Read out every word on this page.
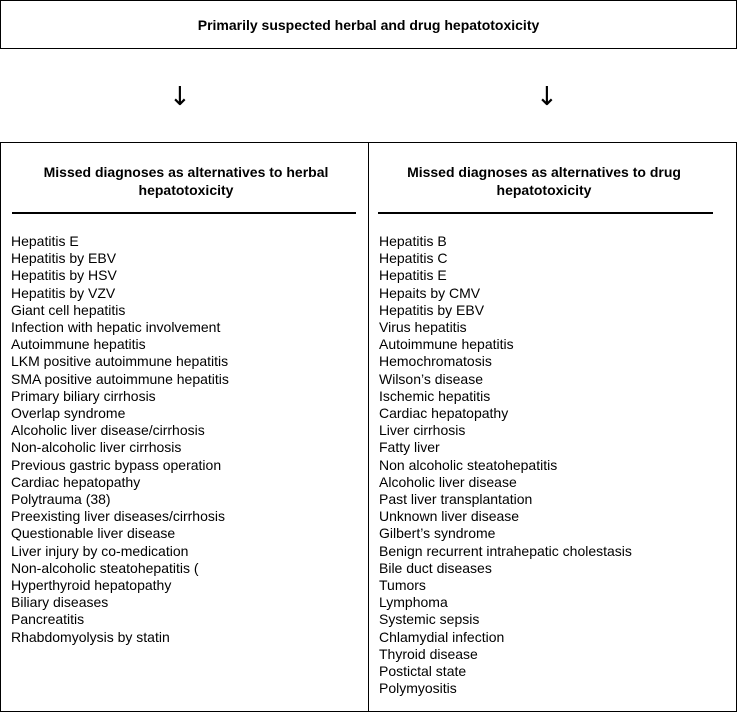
Primarily suspected herbal and drug hepatotoxicity
↓	↓
Missed diagnoses as alternatives to herbal hepatotoxicity
Hepatitis E
Hepatitis by EBV
Hepatitis by HSV
Hepatitis by VZV
Giant cell hepatitis
Infection with hepatic involvement
Autoimmune hepatitis
LKM positive autoimmune hepatitis
SMA positive autoimmune hepatitis
Primary biliary cirrhosis
Overlap syndrome
Alcoholic liver disease/cirrhosis
Non-alcoholic liver cirrhosis
Previous gastric bypass operation
Cardiac hepatopathy
Polytrauma (38)
Preexisting liver diseases/cirrhosis
Questionable liver disease
Liver injury by co-medication
Non-alcoholic steatohepatitis (
Hyperthyroid hepatopathy
Biliary diseases
Pancreatitis
Rhabdomyolysis by statin
Missed diagnoses as alternatives to drug hepatotoxicity
Hepatitis B
Hepatitis C
Hepatitis E
Hepaits by CMV
Hepatitis by EBV
Virus hepatitis
Autoimmune hepatitis
Hemochromatosis
Wilson’s disease
Ischemic hepatitis
Cardiac hepatopathy
Liver cirrhosis
Fatty liver
Non alcoholic steatohepatitis
Alcoholic liver disease
Past liver transplantation
Unknown liver disease
Gilbert’s syndrome
Benign recurrent intrahepatic cholestasis
Bile duct diseases
Tumors
Lymphoma
Systemic sepsis
Chlamydial infection
Thyroid disease
Postictal state
Polymyositis
